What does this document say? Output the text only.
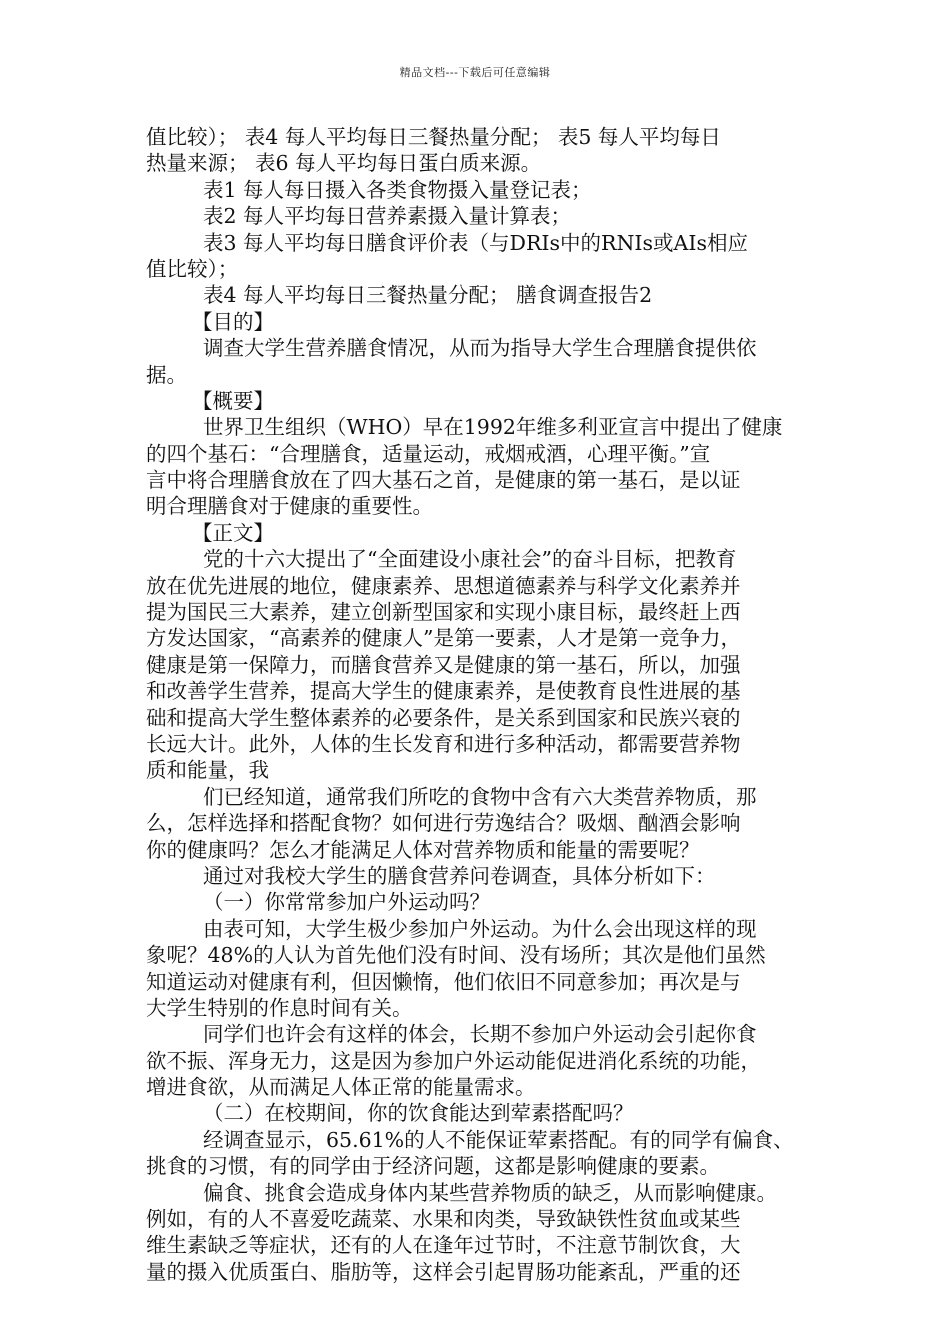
精品文档---下载后可任意编辑
值比较）； 表4 每人平均每日三餐热量分配； 表5 每人平均每日
热量来源； 表6 每人平均每日蛋白质来源。
表1 每人每日摄入各类食物摄入量登记表；
表2 每人平均每日营养素摄入量计算表；
表3 每人平均每日膳食评价表（与DRIs中的RNIs或AIs相应
值比较）；
表4 每人平均每日三餐热量分配； 膳食调查报告2
【目的】
调查大学生营养膳食情况，从而为指导大学生合理膳食提供依
据。
【概要】
世界卫生组织（WHO）早在1992年维多利亚宣言中提出了健康
的四个基石：“合理膳食，适量运动，戒烟戒酒，心理平衡。”宣
言中将合理膳食放在了四大基石之首，是健康的第一基石，是以证
明合理膳食对于健康的重要性。
【正文】
党的十六大提出了“全面建设小康社会”的奋斗目标，把教育
放在优先进展的地位，健康素养、思想道德素养与科学文化素养并
提为国民三大素养，建立创新型国家和实现小康目标，最终赶上西
方发达国家，“高素养的健康人”是第一要素，人才是第一竞争力，
健康是第一保障力，而膳食营养又是健康的第一基石，所以，加强
和改善学生营养，提高大学生的健康素养，是使教育良性进展的基
础和提高大学生整体素养的必要条件，是关系到国家和民族兴衰的
长远大计。此外，人体的生长发育和进行多种活动，都需要营养物
质和能量，我
们已经知道，通常我们所吃的食物中含有六大类营养物质，那
么，怎样选择和搭配食物？如何进行劳逸结合？吸烟、酗酒会影响
你的健康吗？怎么才能满足人体对营养物质和能量的需要呢？
通过对我校大学生的膳食营养问卷调查，具体分析如下：
（一）你常常参加户外运动吗？
由表可知，大学生极少参加户外运动。为什么会出现这样的现
象呢？48%的人认为首先他们没有时间、没有场所；其次是他们虽然
知道运动对健康有利，但因懒惰，他们依旧不同意参加；再次是与
大学生特别的作息时间有关。
同学们也许会有这样的体会，长期不参加户外运动会引起你食
欲不振、浑身无力，这是因为参加户外运动能促进消化系统的功能，
增进食欲，从而满足人体正常的能量需求。
（二）在校期间，你的饮食能达到荤素搭配吗？
经调查显示，65.61%的人不能保证荤素搭配。有的同学有偏食、
挑食的习惯，有的同学由于经济问题，这都是影响健康的要素。
偏食、挑食会造成身体内某些营养物质的缺乏，从而影响健康。
例如，有的人不喜爱吃蔬菜、水果和肉类，导致缺铁性贫血或某些
维生素缺乏等症状，还有的人在逢年过节时，不注意节制饮食，大
量的摄入优质蛋白、脂肪等，这样会引起胃肠功能紊乱，严重的还
